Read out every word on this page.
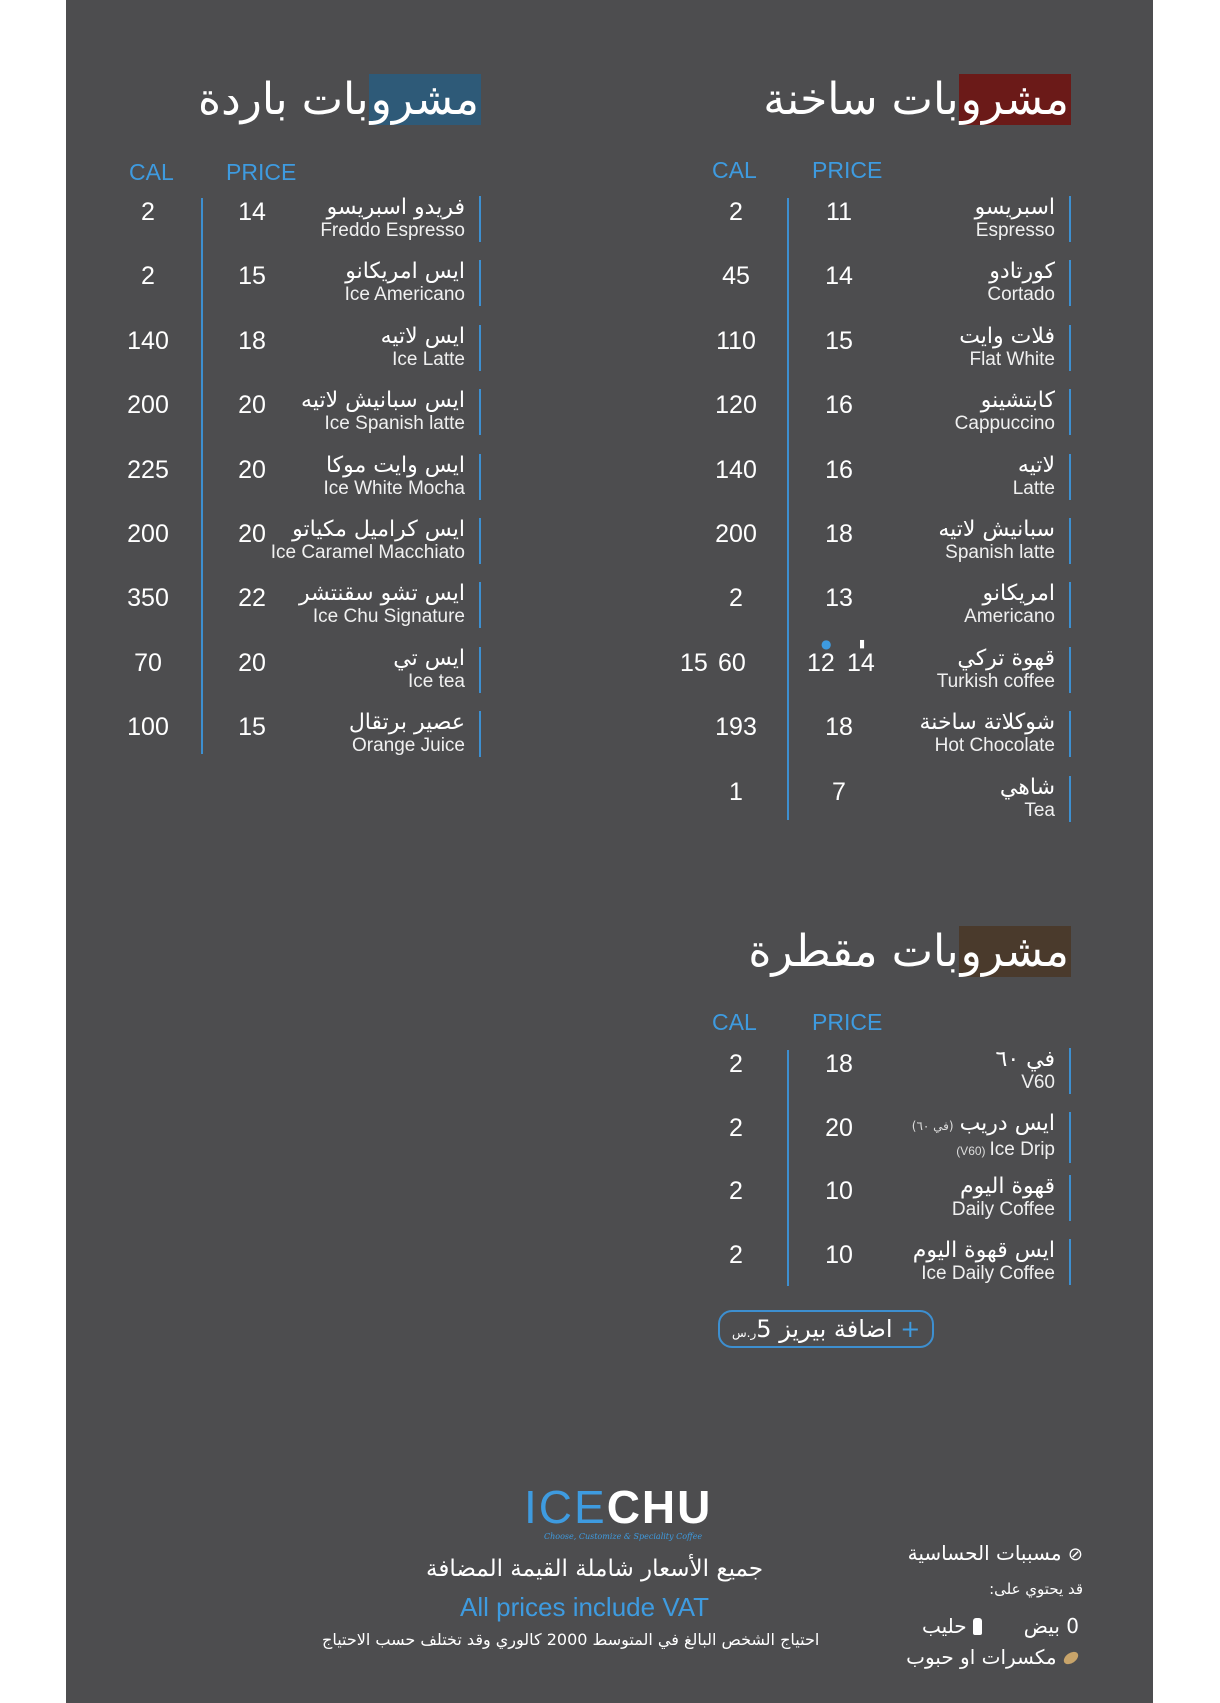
مشروبات ساخنة
CAL PRICE
اسبريسو
Espresso
11
2
كورتادو
Cortado
14
45
فلات وايت
Flat White
15
110
كابتشينو
Cappuccino
16
120
لاتيه
Latte
16
140
سبانيش لاتيه
Spanish latte
18
200
امريكانو
Americano
13
2
قهوة تركي
Turkish coffee
●	▮
12 14
15 60
شوكلاتة ساخنة
Hot Chocolate
18
193
شاهي
Tea
7
1
مشروبات باردة
CAL PRICE
فريدو اسبريسو
Freddo Espresso
14
2
ايس امريكانو
Ice Americano
15
2
ايس لاتيه
Ice Latte
18
140
ايس سبانيش لاتيه
Ice Spanish latte
20
200
ايس وايت موكا
Ice White Mocha
20
225
ايس كراميل مكياتو
Ice Caramel Macchiato
20
200
ايس تشو سقنتشر
Ice Chu Signature
22
350
ايس تي
Ice tea
20
70
عصير برتقال
Orange Juice
15
100
مشروبات مقطرة
CAL PRICE
في ٦٠
V60
18
2
ايس دريب(في ٦٠)
(V60) Ice Drip
20
2
قهوة اليوم
Daily Coffee
10
2
ايس قهوة اليوم
Ice Daily Coffee
10
2
+ اضافة بيريز 5ر.س
ICECHU
Choose, Customize & Speciality Coffee
جميع الأسعار شاملة القيمة المضافة
All prices include VAT
احتياج الشخص البالغ في المتوسط 2000 كالوري وقد تختلف حسب الاحتياج
⊘ مسببات الحساسية
قد يحتوي على:
0 بيض
حليب
مكسرات او حبوب
